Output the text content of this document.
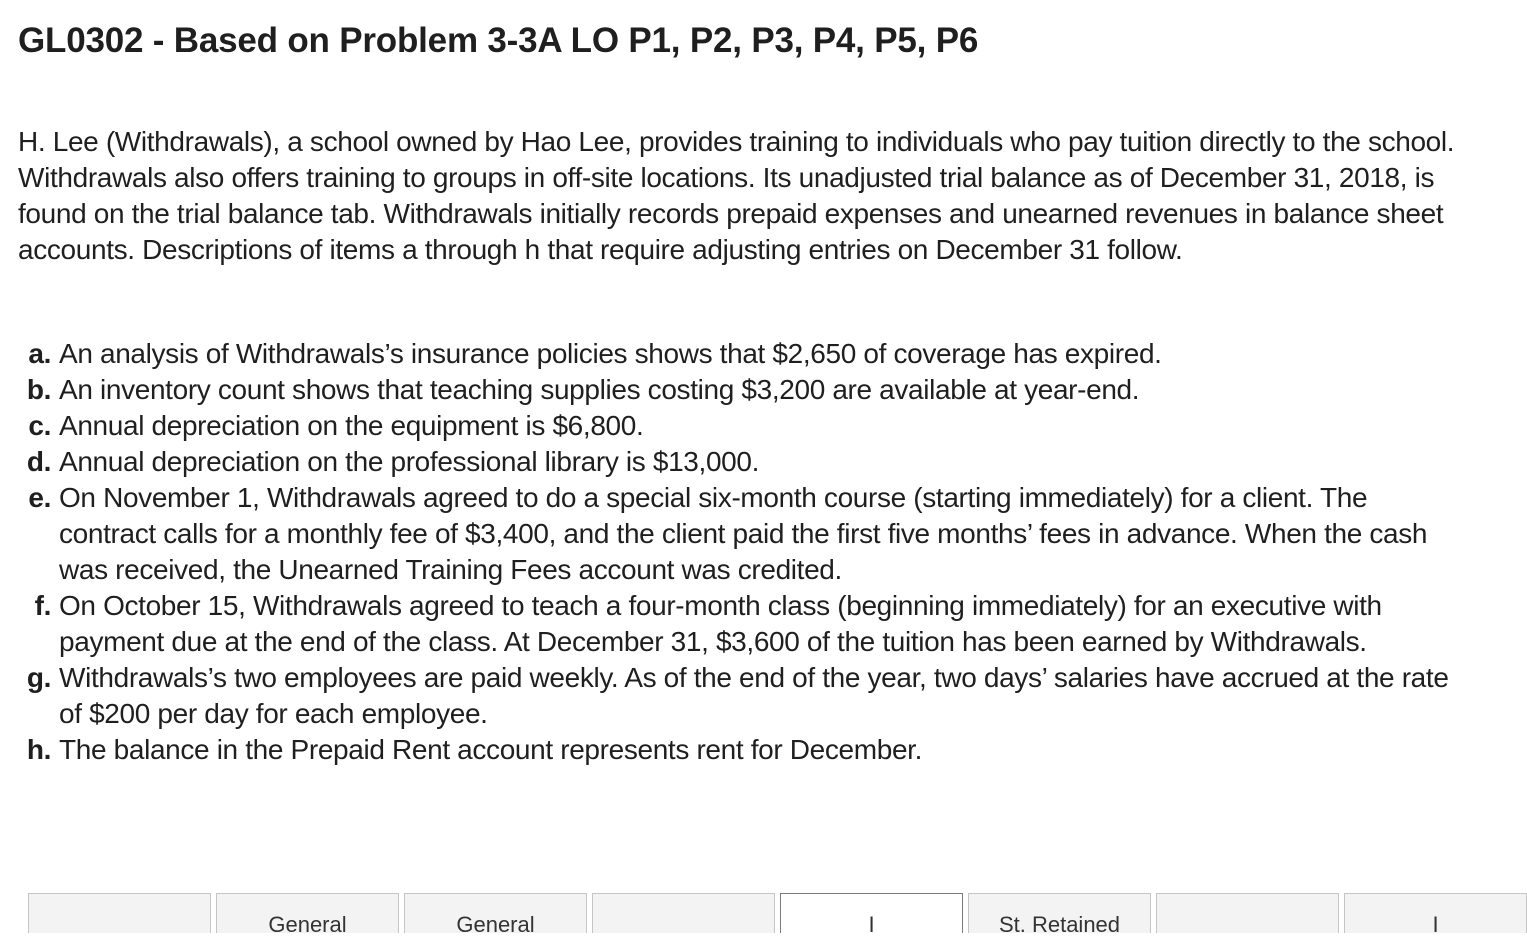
GL0302 - Based on Problem 3-3A LO P1, P2, P3, P4, P5, P6

H. Lee (Withdrawals), a school owned by Hao Lee, provides training to individuals who pay tuition directly to the school. Withdrawals also offers training to groups in off-site locations. Its unadjusted trial balance as of December 31, 2018, is found on the trial balance tab. Withdrawals initially records prepaid expenses and unearned revenues in balance sheet accounts. Descriptions of items a through h that require adjusting entries on December 31 follow.

a. An analysis of Withdrawals’s insurance policies shows that $2,650 of coverage has expired.
b. An inventory count shows that teaching supplies costing $3,200 are available at year-end.
c. Annual depreciation on the equipment is $6,800.
d. Annual depreciation on the professional library is $13,000.
e. On November 1, Withdrawals agreed to do a special six-month course (starting immediately) for a client. The contract calls for a monthly fee of $3,400, and the client paid the first five months’ fees in advance. When the cash was received, the Unearned Training Fees account was credited.
f. On October 15, Withdrawals agreed to teach a four-month class (beginning immediately) for an executive with payment due at the end of the class. At December 31, $3,600 of the tuition has been earned by Withdrawals.
g. Withdrawals’s two employees are paid weekly. As of the end of the year, two days’ salaries have accrued at the rate of $200 per day for each employee.
h. The balance in the Prepaid Rent account represents rent for December.
General	General	I	St. Retained	I
